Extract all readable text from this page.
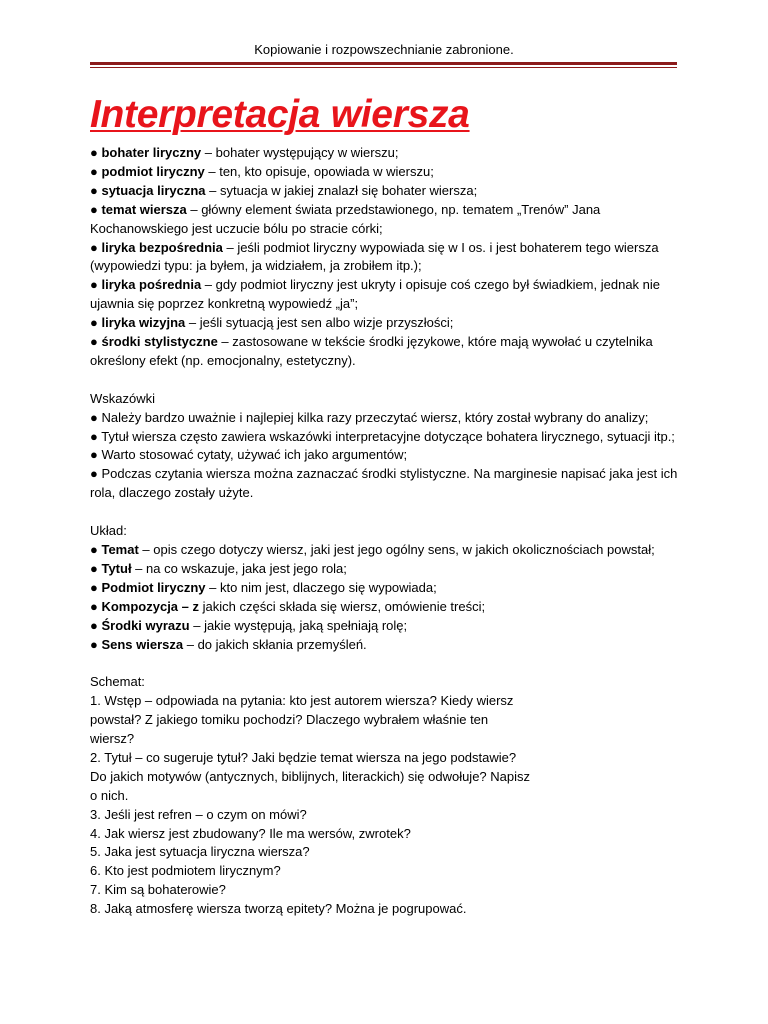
Kopiowanie i rozpowszechnianie zabronione.
Interpretacja wiersza

● bohater liryczny – bohater występujący w wierszu;

● podmiot liryczny – ten, kto opisuje, opowiada w wierszu;

● sytuacja liryczna – sytuacja w jakiej znalazł się bohater wiersza;

● temat wiersza – główny element świata przedstawionego, np. tematem „Trenów” Jana Kochanowskiego jest uczucie bólu po stracie córki;

● liryka bezpośrednia – jeśli podmiot liryczny wypowiada się w I os. i jest bohaterem tego wiersza (wypowiedzi typu: ja byłem, ja widziałem, ja zrobiłem itp.);

● liryka pośrednia – gdy podmiot liryczny jest ukryty i opisuje coś czego był świadkiem, jednak nie ujawnia się poprzez konkretną wypowiedź „ja”;

● liryka wizyjna – jeśli sytuacją jest sen albo wizje przyszłości;

● środki stylistyczne – zastosowane w tekście środki językowe, które mają wywołać u czytelnika określony efekt (np. emocjonalny, estetyczny).

Wskazówki

● Należy bardzo uważnie i najlepiej kilka razy przeczytać wiersz, który został wybrany do analizy;

● Tytuł wiersza często zawiera wskazówki interpretacyjne dotyczące bohatera lirycznego, sytuacji itp.;

● Warto stosować cytaty, używać ich jako argumentów;

● Podczas czytania wiersza można zaznaczać środki stylistyczne. Na marginesie napisać jaka jest ich rola, dlaczego zostały użyte.

Układ:

● Temat – opis czego dotyczy wiersz, jaki jest jego ogólny sens, w jakich okolicznościach powstał;

● Tytuł – na co wskazuje, jaka jest jego rola;

● Podmiot liryczny – kto nim jest, dlaczego się wypowiada;

● Kompozycja – z jakich części składa się wiersz, omówienie treści;

● Środki wyrazu – jakie występują, jaką spełniają rolę;

● Sens wiersza – do jakich skłania przemyśleń.

Schemat:

1. Wstęp – odpowiada na pytania: kto jest autorem wiersza? Kiedy wiersz powstał? Z jakiego tomiku pochodzi? Dlaczego wybrałem właśnie ten wiersz?

2. Tytuł – co sugeruje tytuł? Jaki będzie temat wiersza na jego podstawie? Do jakich motywów (antycznych, biblijnych, literackich) się odwołuje? Napisz o nich.

3. Jeśli jest refren – o czym on mówi?

4. Jak wiersz jest zbudowany? Ile ma wersów, zwrotek?

5. Jaka jest sytuacja liryczna wiersza?

6. Kto jest podmiotem lirycznym?

7. Kim są bohaterowie?

8. Jaką atmosferę wiersza tworzą epitety? Można je pogrupować.
